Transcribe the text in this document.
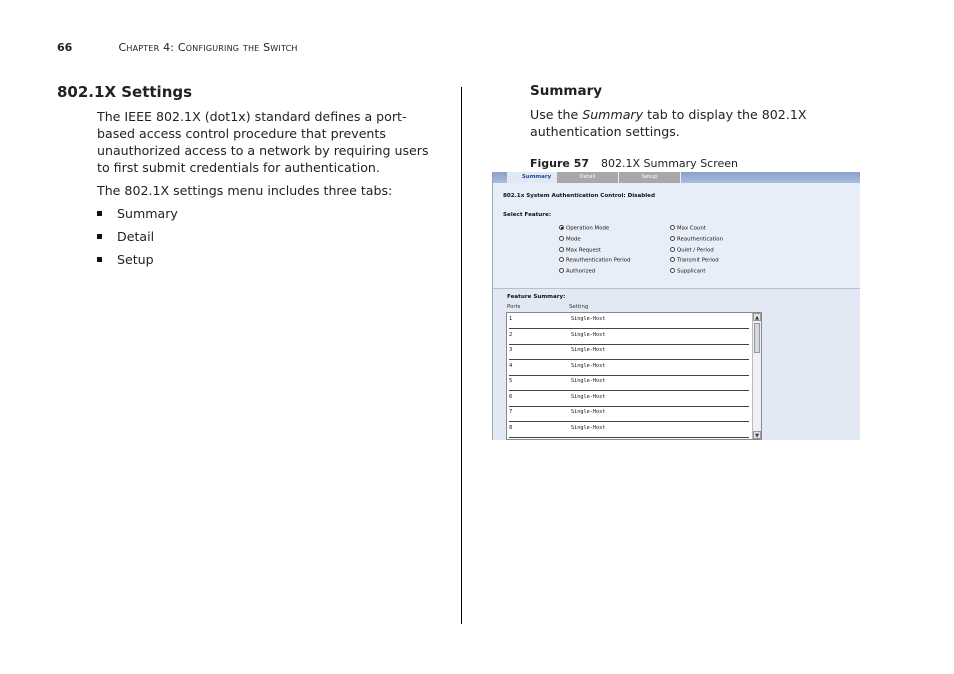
66	Chapter 4: Configuring the Switch
802.1X Settings

The IEEE 802.1X (dot1x) standard defines a port-based access control procedure that prevents unauthorized access to a network by requiring users to first submit credentials for authentication.

The 802.1X settings menu includes three tabs:

Summary
Detail
Setup
Summary

Use the Summary tab to display the 802.1X authentication settings.

Figure 57 802.1X Summary Screen
Summary	Detail	Setup
802.1x System Authentication Control: Disabled
Select Feature:
Operation Mode
Mode
Max Request
Reauthentication Period
Authorized
Max Count
Reauthentication
Quiet / Period
Transmit Period
Supplicant
Feature Summary:
Ports	Setting
1	Single-Host
2	Single-Host
3	Single-Host
4	Single-Host
5	Single-Host
6	Single-Host
7	Single-Host
8	Single-Host
▲
▼
